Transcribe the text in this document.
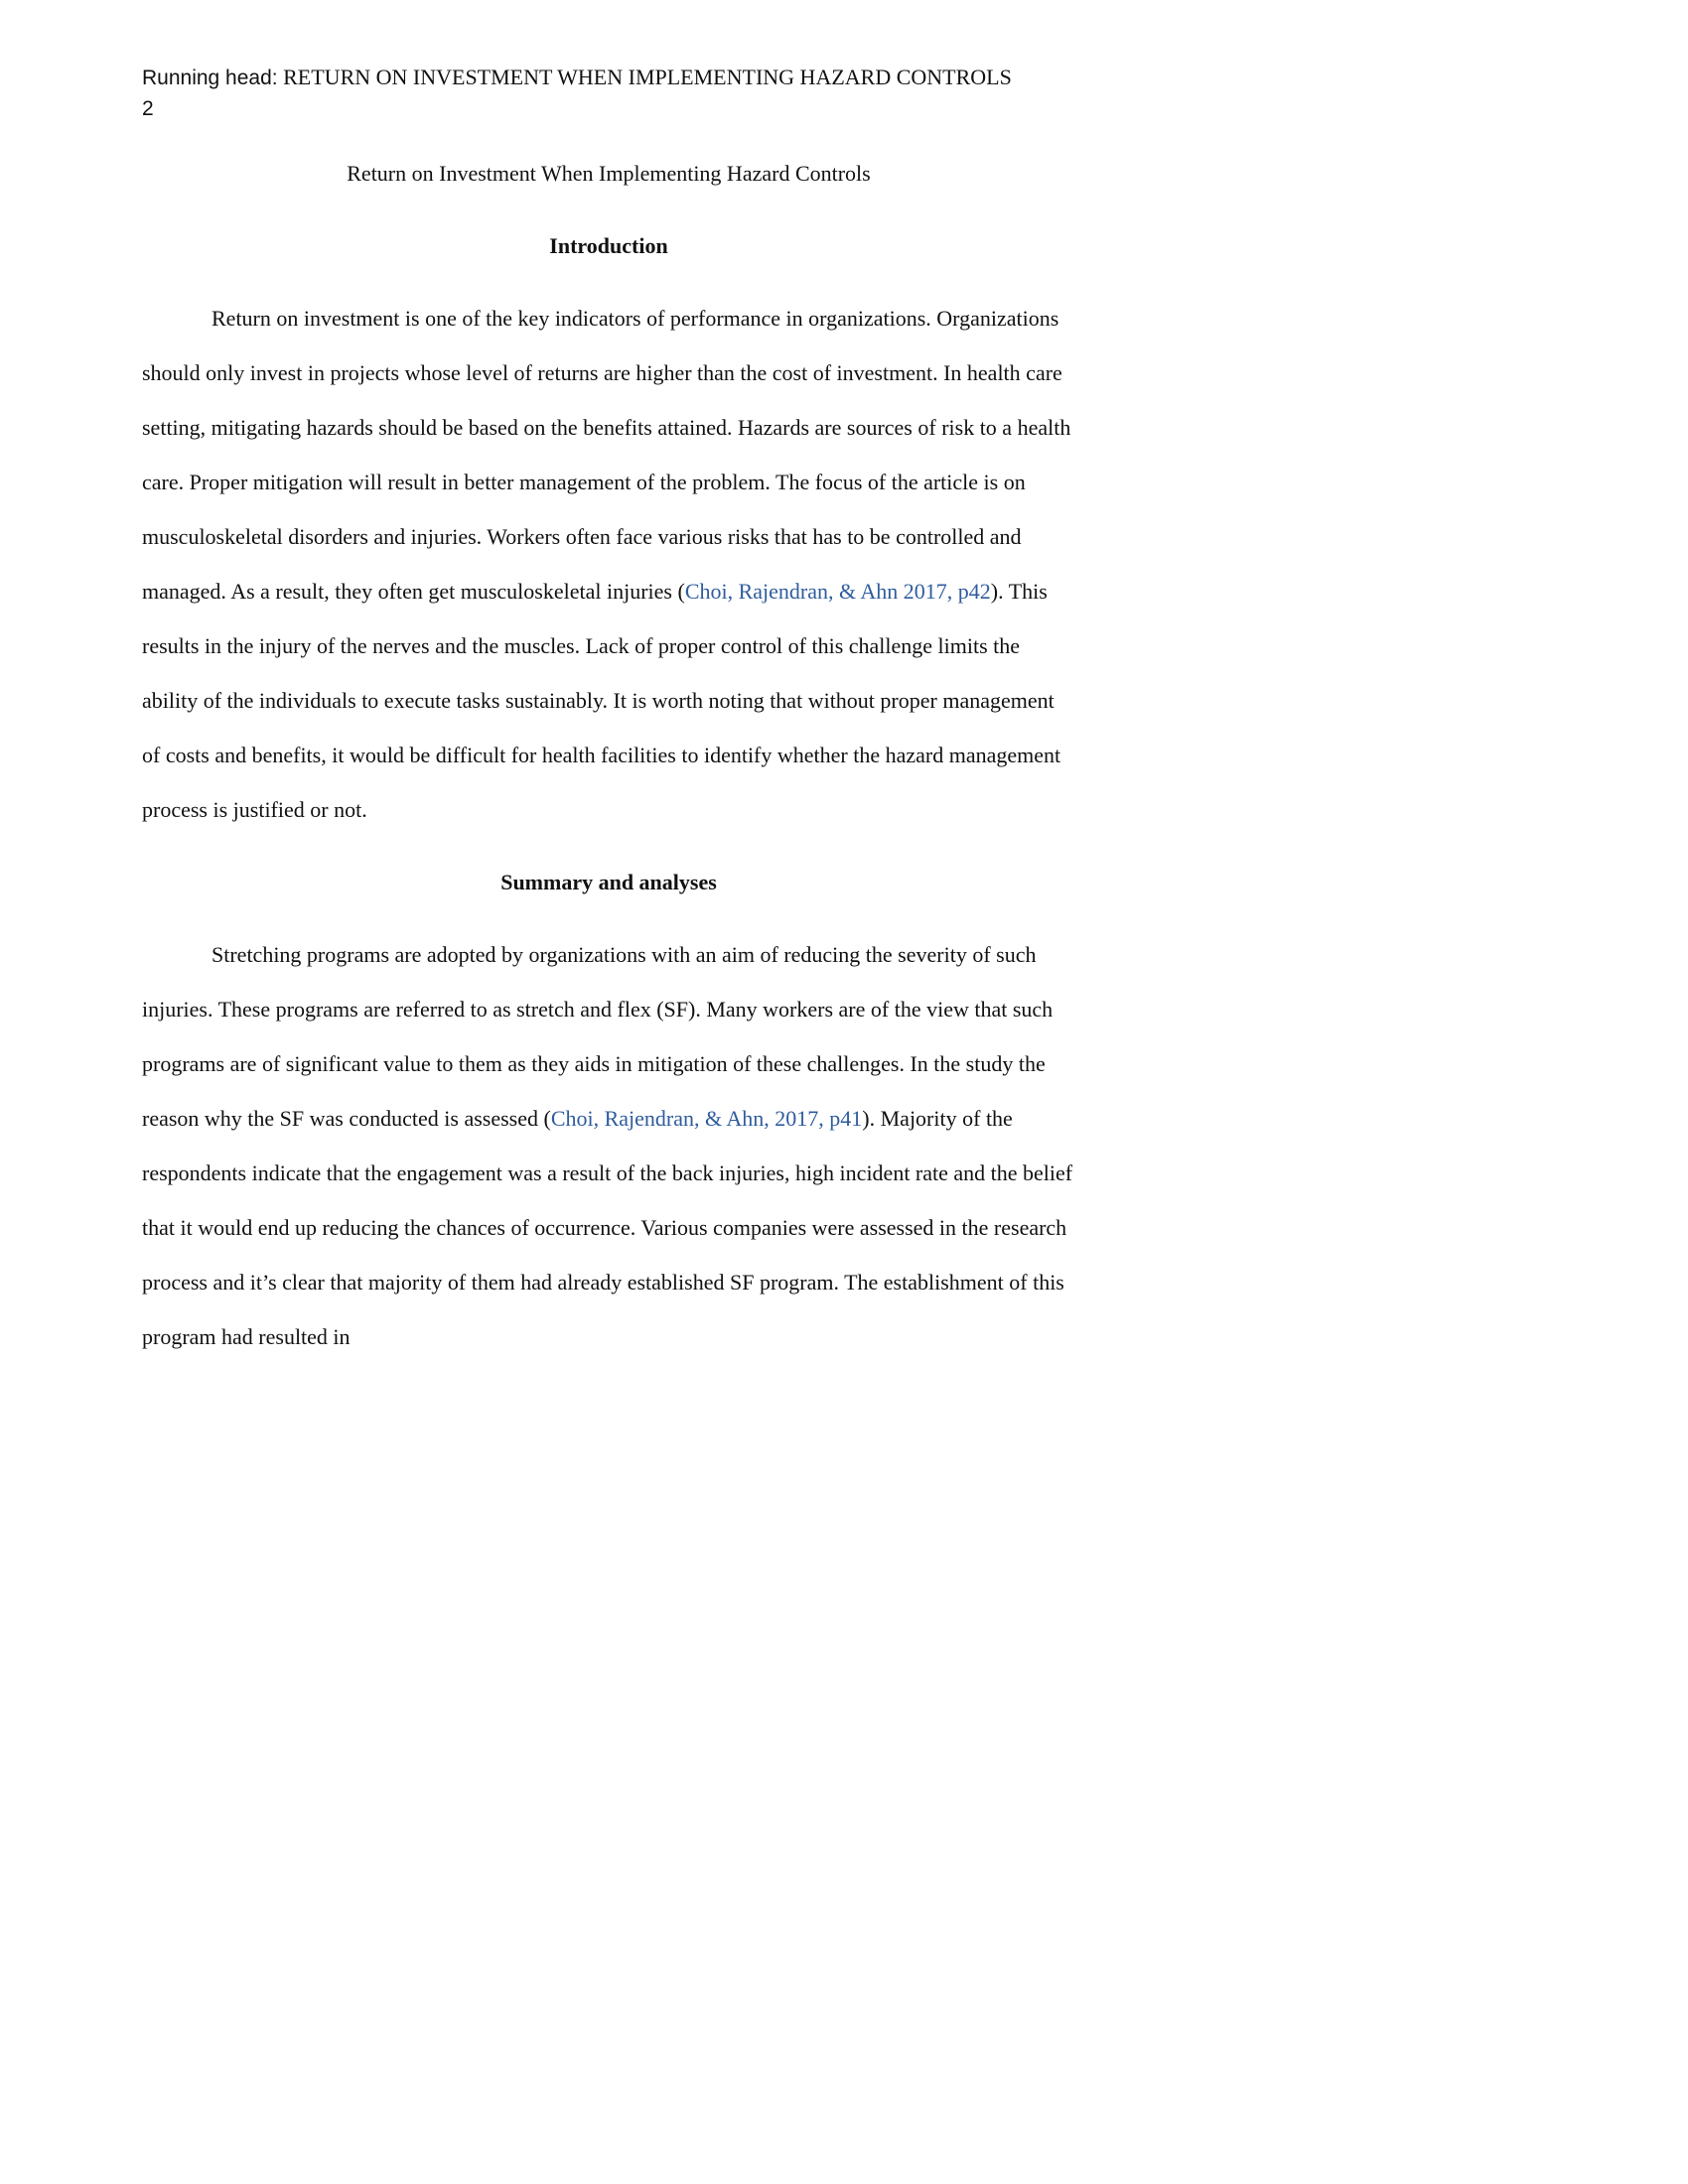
Running head: RETURN ON INVESTMENT WHEN IMPLEMENTING HAZARD CONTROLS
2
Return on Investment When Implementing Hazard Controls
Introduction

Return on investment is one of the key indicators of performance in organizations. Organizations should only invest in projects whose level of returns are higher than the cost of investment. In health care setting, mitigating hazards should be based on the benefits attained. Hazards are sources of risk to a health care. Proper mitigation will result in better management of the problem. The focus of the article is on musculoskeletal disorders and injuries. Workers often face various risks that has to be controlled and managed. As a result, they often get musculoskeletal injuries (Choi, Rajendran, & Ahn 2017, p42). This results in the injury of the nerves and the muscles. Lack of proper control of this challenge limits the ability of the individuals to execute tasks sustainably. It is worth noting that without proper management of costs and benefits, it would be difficult for health facilities to identify whether the hazard management process is justified or not.

Summary and analyses

Stretching programs are adopted by organizations with an aim of reducing the severity of such injuries. These programs are referred to as stretch and flex (SF). Many workers are of the view that such programs are of significant value to them as they aids in mitigation of these challenges. In the study the reason why the SF was conducted is assessed (Choi, Rajendran, & Ahn, 2017, p41). Majority of the respondents indicate that the engagement was a result of the back injuries, high incident rate and the belief that it would end up reducing the chances of occurrence. Various companies were assessed in the research process and it’s clear that majority of them had already established SF program. The establishment of this program had resulted in
